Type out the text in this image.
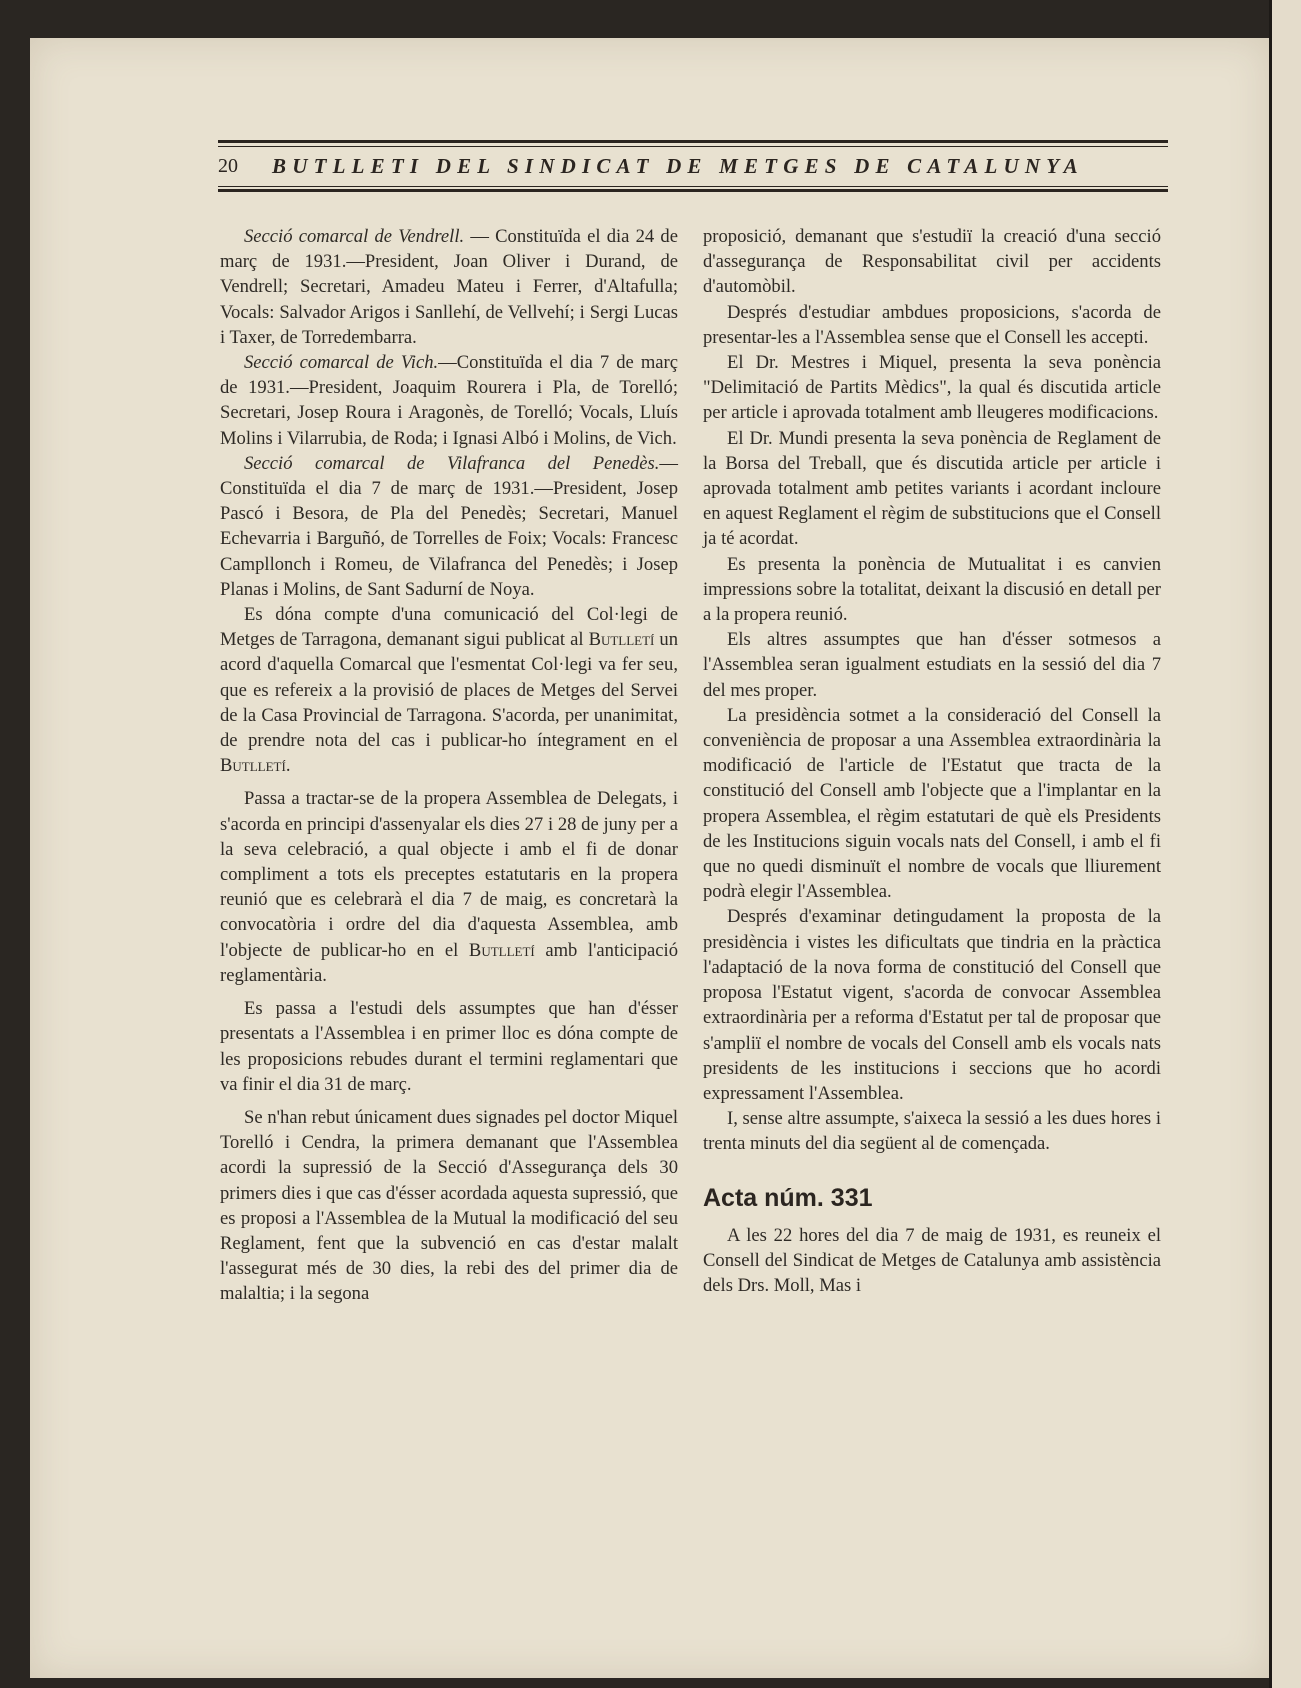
20	BUTLLETI DEL SINDICAT DE METGES DE CATALUNYA

Secció comarcal de Vendrell. — Constituïda el dia 24 de març de 1931.—President, Joan Oliver i Durand, de Vendrell; Secretari, Amadeu Mateu i Ferrer, d'Altafulla; Vocals: Salvador Arigos i Sanllehí, de Vellvehí; i Sergi Lucas i Taxer, de Torredembarra.

Secció comarcal de Vich.—Constituïda el dia 7 de març de 1931.—President, Joaquim Rourera i Pla, de Torelló; Secretari, Josep Roura i Aragonès, de Torelló; Vocals, Lluís Molins i Vilarrubia, de Roda; i Ignasi Albó i Molins, de Vich.

Secció comarcal de Vilafranca del Penedès.— Constituïda el dia 7 de març de 1931.—President, Josep Pascó i Besora, de Pla del Penedès; Secretari, Manuel Echevarria i Barguñó, de Torrelles de Foix; Vocals: Francesc Campllonch i Romeu, de Vilafranca del Penedès; i Josep Planas i Molins, de Sant Sadurní de Noya.

Es dóna compte d'una comunicació del Col·legi de Metges de Tarragona, demanant sigui publicat al Butlletí un acord d'aquella Comarcal que l'esmentat Col·legi va fer seu, que es refereix a la provisió de places de Metges del Servei de la Casa Provincial de Tarragona. S'acorda, per unanimitat, de prendre nota del cas i publicar-ho íntegrament en el Butlletí.

Passa a tractar-se de la propera Assemblea de Delegats, i s'acorda en principi d'assenyalar els dies 27 i 28 de juny per a la seva celebració, a qual objecte i amb el fi de donar compliment a tots els preceptes estatutaris en la propera reunió que es celebrarà el dia 7 de maig, es concretarà la convocatòria i ordre del dia d'aquesta Assemblea, amb l'objecte de publicar-ho en el Butlletí amb l'anticipació reglamentària.

Es passa a l'estudi dels assumptes que han d'ésser presentats a l'Assemblea i en primer lloc es dóna compte de les proposicions rebudes durant el termini reglamentari que va finir el dia 31 de març.

Se n'han rebut únicament dues signades pel doctor Miquel Torelló i Cendra, la primera demanant que l'Assemblea acordi la supressió de la Secció d'Assegurança dels 30 primers dies i que cas d'ésser acordada aquesta supressió, que es proposi a l'Assemblea de la Mutual la modificació del seu Reglament, fent que la subvenció en cas d'estar malalt l'assegurat més de 30 dies, la rebi des del primer dia de malaltia; i la segona

proposició, demanant que s'estudiï la creació d'una secció d'assegurança de Responsabilitat civil per accidents d'automòbil.

Després d'estudiar ambdues proposicions, s'acorda de presentar-les a l'Assemblea sense que el Consell les accepti.

El Dr. Mestres i Miquel, presenta la seva ponència "Delimitació de Partits Mèdics", la qual és discutida article per article i aprovada totalment amb lleugeres modificacions.

El Dr. Mundi presenta la seva ponència de Reglament de la Borsa del Treball, que és discutida article per article i aprovada totalment amb petites variants i acordant incloure en aquest Reglament el règim de substitucions que el Consell ja té acordat.

Es presenta la ponència de Mutualitat i es canvien impressions sobre la totalitat, deixant la discusió en detall per a la propera reunió.

Els altres assumptes que han d'ésser sotmesos a l'Assemblea seran igualment estudiats en la sessió del dia 7 del mes proper.

La presidència sotmet a la consideració del Consell la conveniència de proposar a una Assemblea extraordinària la modificació de l'article de l'Estatut que tracta de la constitució del Consell amb l'objecte que a l'implantar en la propera Assemblea, el règim estatutari de què els Presidents de les Institucions siguin vocals nats del Consell, i amb el fi que no quedi disminuït el nombre de vocals que lliurement podrà elegir l'Assemblea.

Després d'examinar detingudament la proposta de la presidència i vistes les dificultats que tindria en la pràctica l'adaptació de la nova forma de constitució del Consell que proposa l'Estatut vigent, s'acorda de convocar Assemblea extraordinària per a reforma d'Estatut per tal de proposar que s'ampliï el nombre de vocals del Consell amb els vocals nats presidents de les institucions i seccions que ho acordi expressament l'Assemblea.

I, sense altre assumpte, s'aixeca la sessió a les dues hores i trenta minuts del dia següent al de començada.

Acta núm. 331

A les 22 hores del dia 7 de maig de 1931, es reuneix el Consell del Sindicat de Metges de Catalunya amb assistència dels Drs. Moll, Mas i
